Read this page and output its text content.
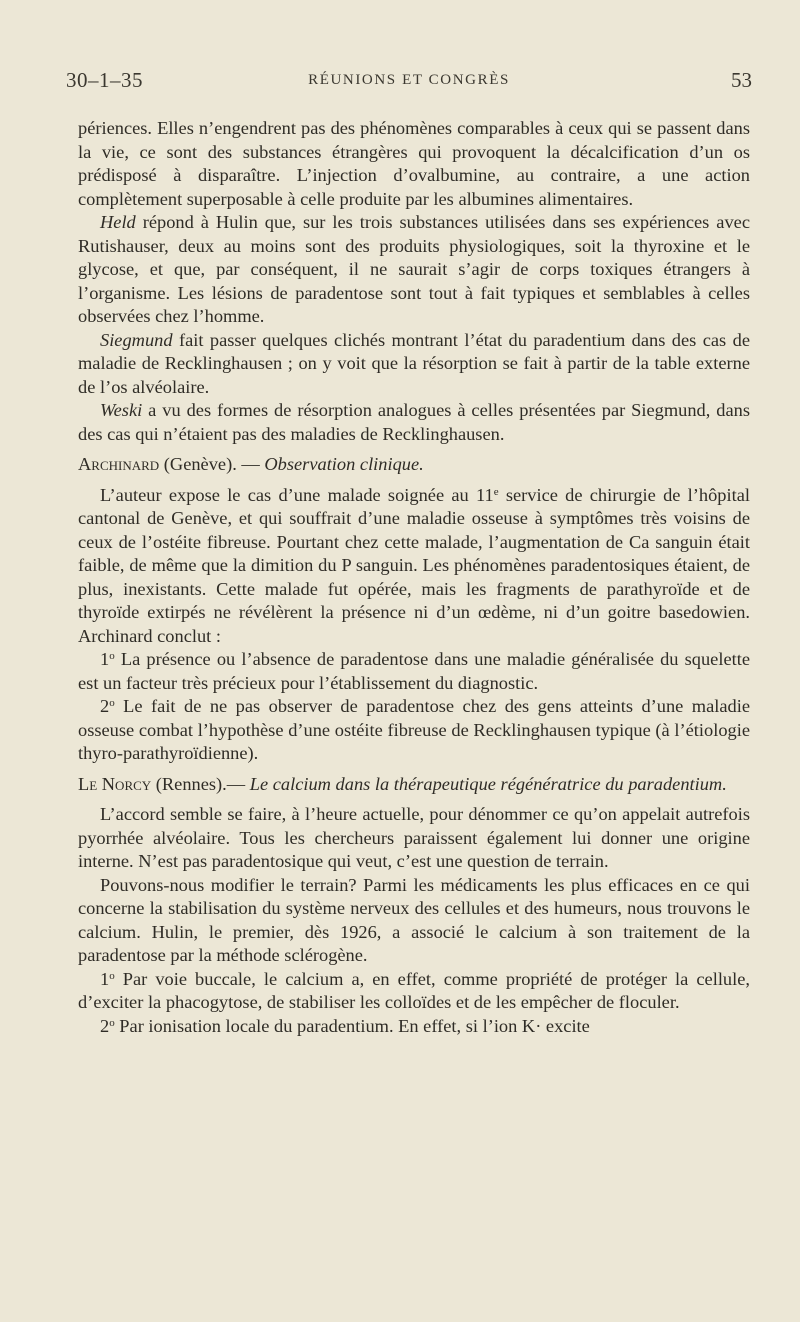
30–1–35	RÉUNIONS ET CONGRÈS	53

périences. Elles n’engendrent pas des phénomènes comparables à ceux qui se passent dans la vie, ce sont des substances étrangères qui provoquent la décalcification d’un os prédisposé à disparaître. L’injection d’ovalbumine, au contraire, a une action complètement superposable à celle produite par les albumines alimentaires.

Held répond à Hulin que, sur les trois substances utilisées dans ses expériences avec Rutishauser, deux au moins sont des produits physiologiques, soit la thyroxine et le glycose, et que, par conséquent, il ne saurait s’agir de corps toxiques étrangers à l’organisme. Les lésions de paradentose sont tout à fait typiques et semblables à celles observées chez l’homme.

Siegmund fait passer quelques clichés montrant l’état du paradentium dans des cas de maladie de Recklinghausen ; on y voit que la résorption se fait à partir de la table externe de l’os alvéolaire.

Weski a vu des formes de résorption analogues à celles présentées par Siegmund, dans des cas qui n’étaient pas des maladies de Recklinghausen.

Archinard (Genève). — Observation clinique.

L’auteur expose le cas d’une malade soignée au 11e service de chirurgie de l’hôpital cantonal de Genève, et qui souffrait d’une maladie osseuse à symptômes très voisins de ceux de l’ostéite fibreuse. Pourtant chez cette malade, l’augmentation de Ca sanguin était faible, de même que la dimition du P sanguin. Les phénomènes paradentosiques étaient, de plus, inexistants. Cette malade fut opérée, mais les fragments de parathyroïde et de thyroïde extirpés ne révélèrent la présence ni d’un œdème, ni d’un goitre basedowien. Archinard conclut :

1$^o$ La présence ou l’absence de paradentose dans une maladie généralisée du squelette est un facteur très précieux pour l’établissement du diagnostic.

2$^o$ Le fait de ne pas observer de paradentose chez des gens atteints d’une maladie osseuse combat l’hypothèse d’une ostéite fibreuse de Recklinghausen typique (à l’étiologie thyro-parathyroïdienne).

Le Norcy (Rennes).— Le calcium dans la thérapeutique régénératrice du paradentium.

L’accord semble se faire, à l’heure actuelle, pour dénommer ce qu’on appelait autrefois pyorrhée alvéolaire. Tous les chercheurs paraissent également lui donner une origine interne. N’est pas paradentosique qui veut, c’est une question de terrain.

Pouvons-nous modifier le terrain? Parmi les médicaments les plus efficaces en ce qui concerne la stabilisation du système nerveux des cellules et des humeurs, nous trouvons le calcium. Hulin, le premier, dès 1926, a associé le calcium à son traitement de la paradentose par la méthode sclérogène.

1$^o$ Par voie buccale, le calcium a, en effet, comme propriété de protéger la cellule, d’exciter la phacogytose, de stabiliser les colloïdes et de les empêcher de floculer.

2$^o$ Par ionisation locale du paradentium. En effet, si l’ion K· excite
